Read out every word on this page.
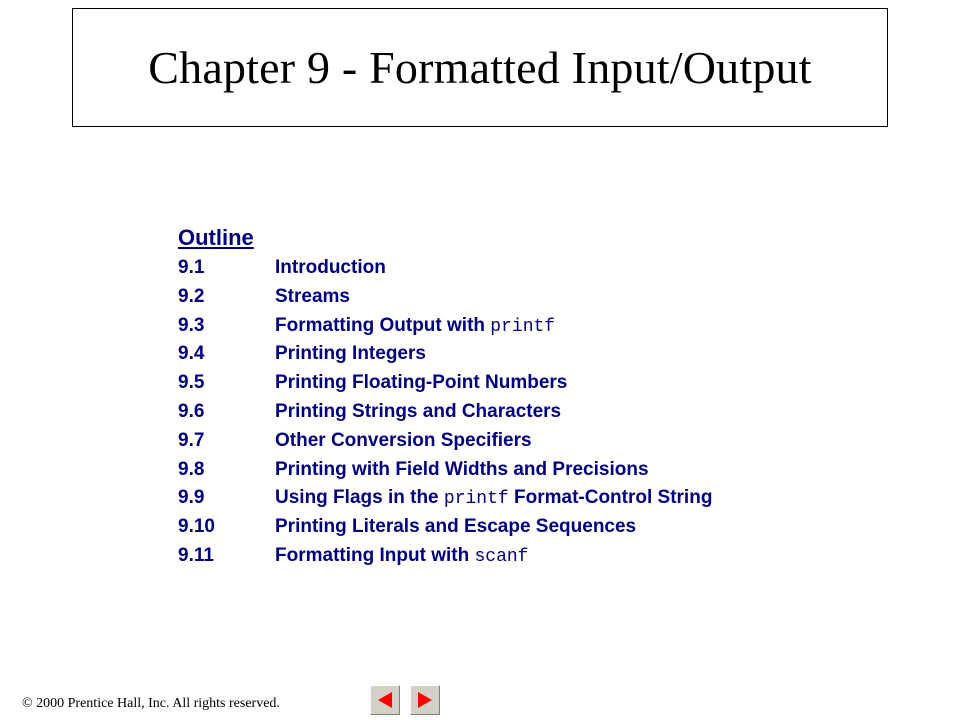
Chapter 9 - Formatted Input/Output
Outline
9.1	Introduction
9.2	Streams
9.3	Formatting Output with printf
9.4	Printing Integers
9.5	Printing Floating-Point Numbers
9.6	Printing Strings and Characters
9.7	Other Conversion Specifiers
9.8	Printing with Field Widths and Precisions
9.9	Using Flags in the printf Format-Control String
9.10	Printing Literals and Escape Sequences
9.11	Formatting Input with scanf
© 2000 Prentice Hall, Inc. All rights reserved.
